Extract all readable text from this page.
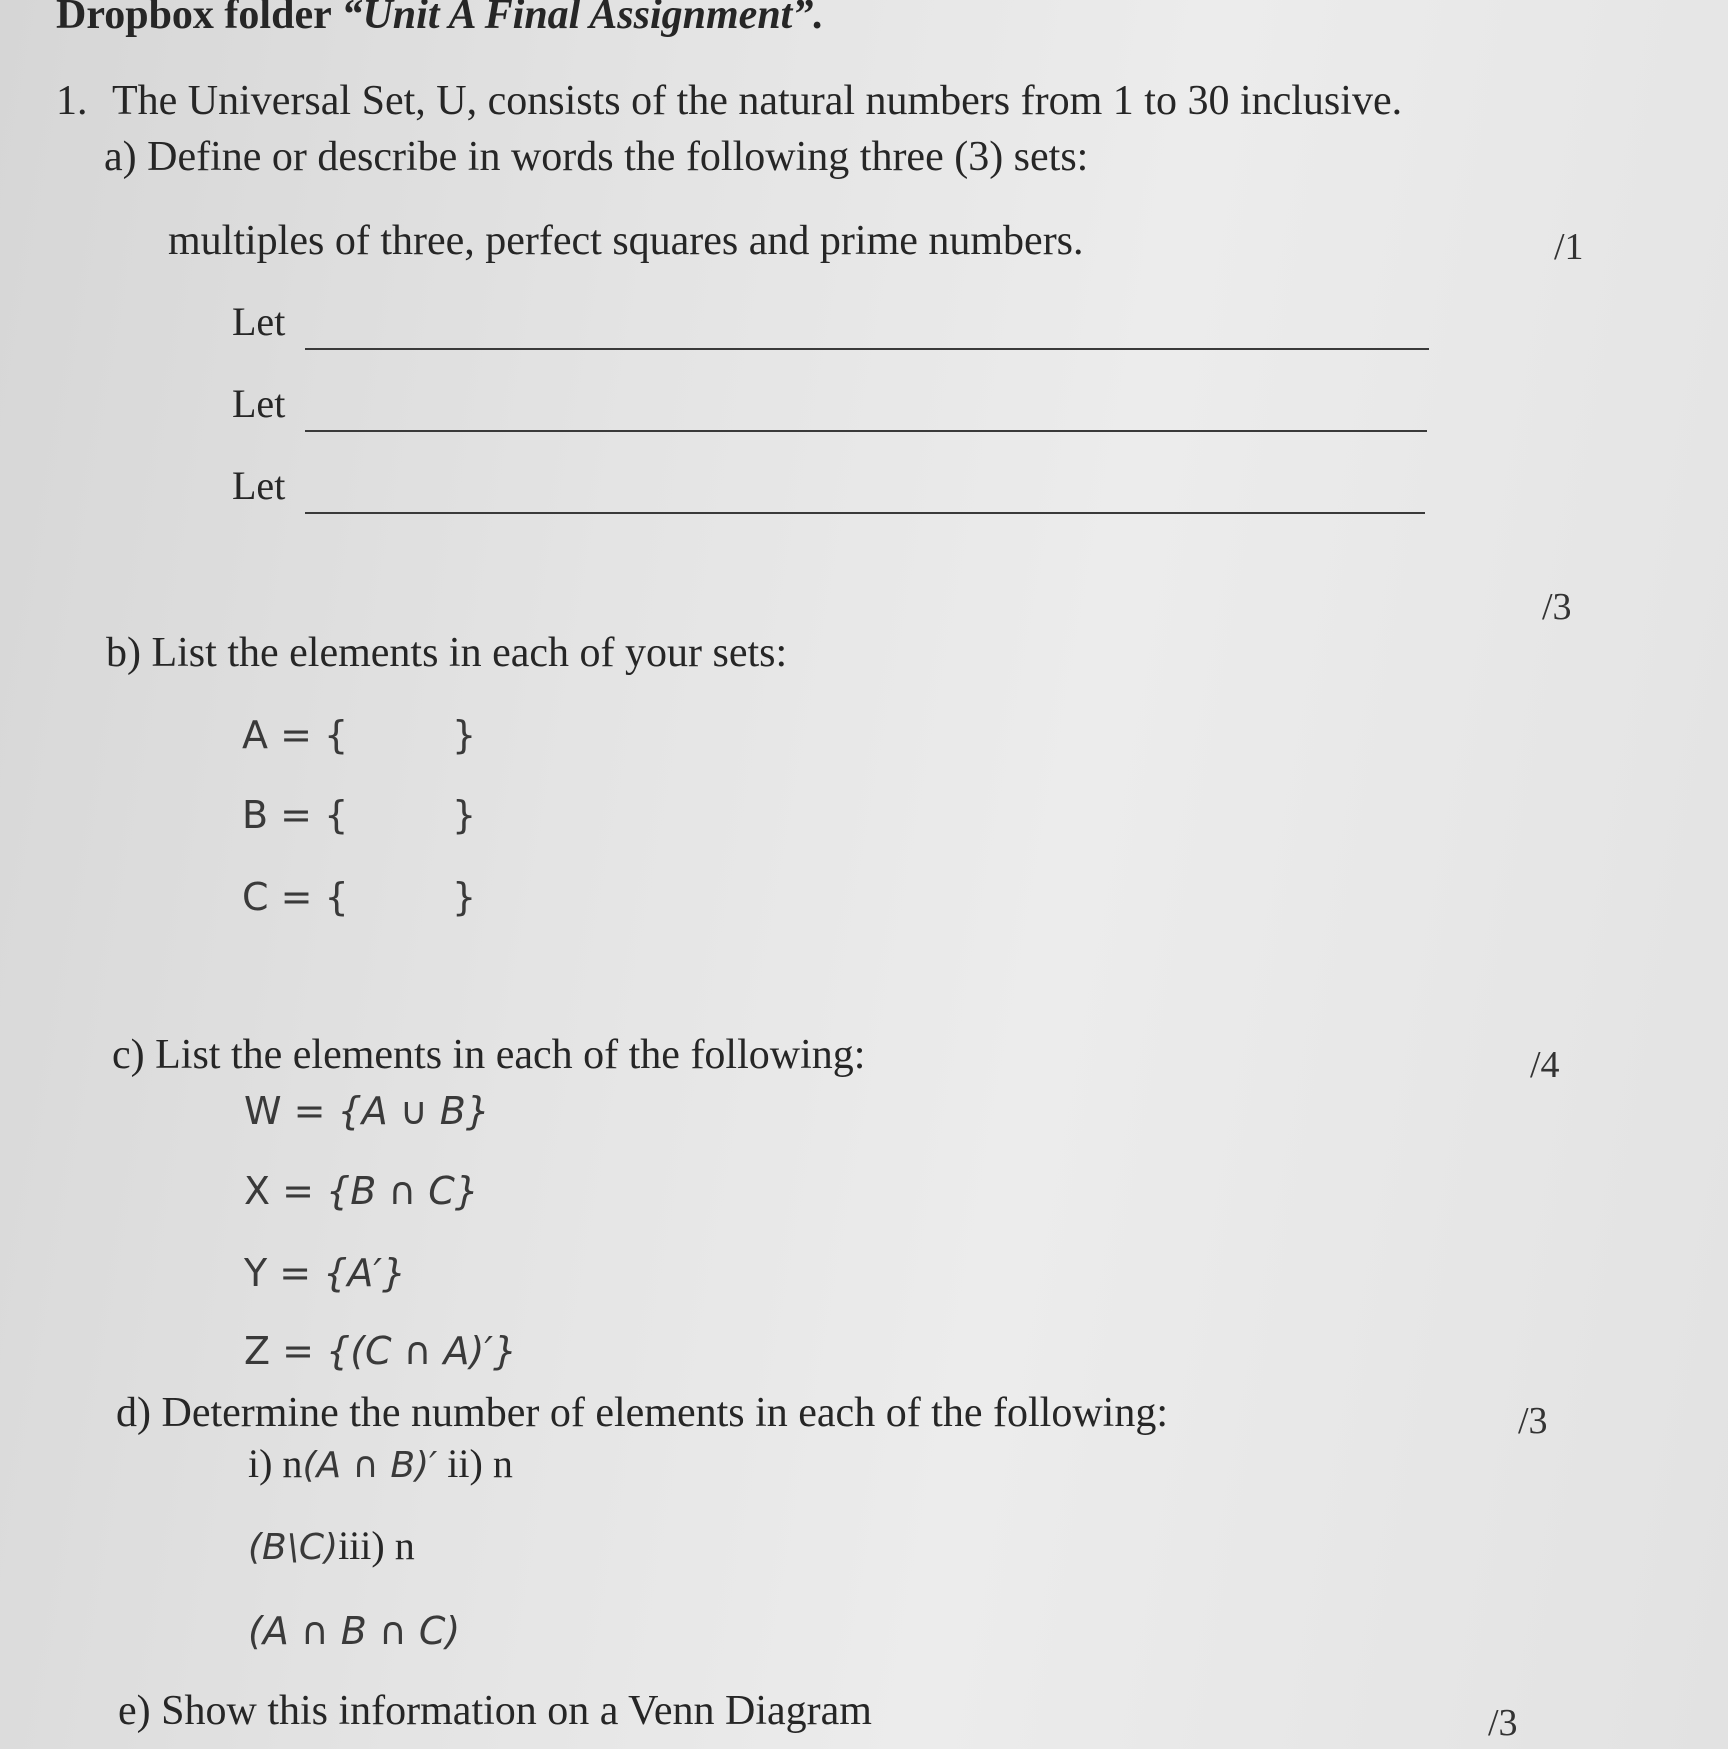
Dropbox folder “Unit A Final Assignment”.
1. The Universal Set, U, consists of the natural numbers from 1 to 30 inclusive.
a) Define or describe in words the following three (3) sets:
multiples of three, perfect squares and prime numbers.	/1
Let
Let
Let
/3
b) List the elements in each of your sets:
A = {	}
B = {	}
C = {	}
c) List the elements in each of the following:	/4
W = {A ∪ B}
X = {B ∩ C}
Y = {A′}
Z = {(C ∩ A)′}
d) Determine the number of elements in each of the following:	/3
i) n(A ∩ B)′ ii) n
(B\C)iii) n
(A ∩ B ∩ C)
e) Show this information on a Venn Diagram	/3
